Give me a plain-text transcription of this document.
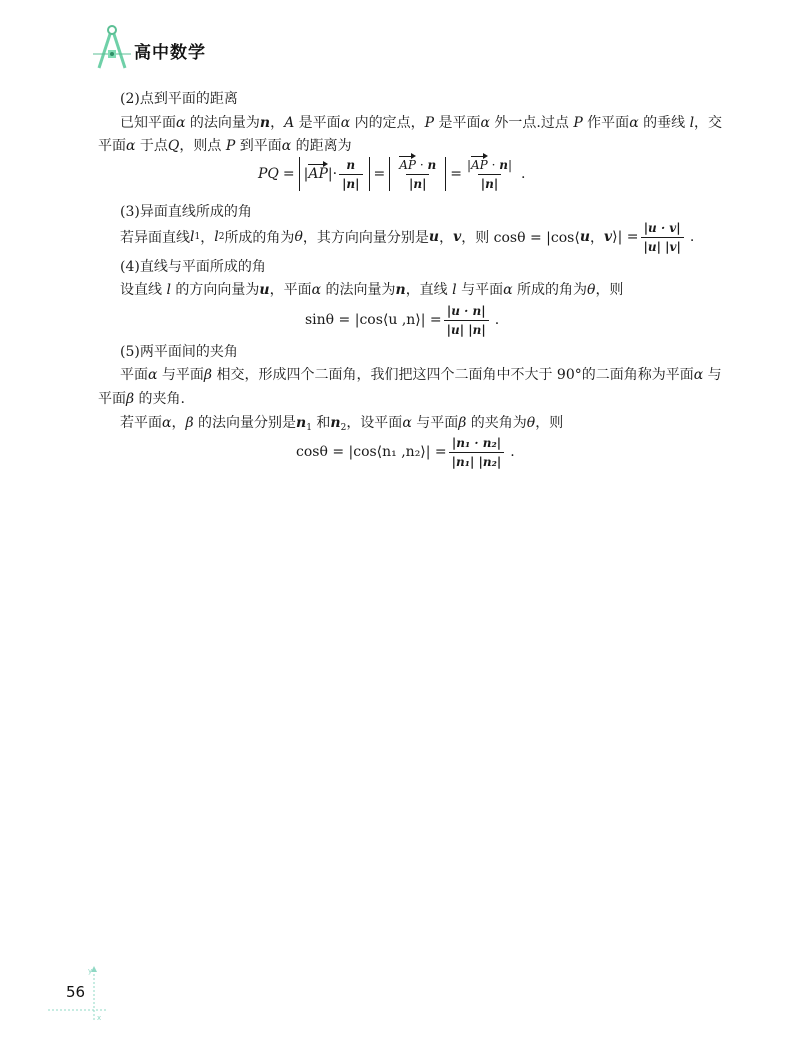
高中数学
(2)点到平面的距离
已知平面α 的法向量为n，A 是平面α 内的定点，P 是平面α 外一点.过点 P 作平面α 的垂线 l，交
平面α 于点Q，则点 P 到平面α 的距离为
PQ = | AP | · $\frac{n}{|n|} = \frac{AP \cdot n}{|n|} = \frac{|AP \cdot n|}{|n|}$ .
(3)异面直线所成的角
若异面直线 l 1 ， l 2 所成的角为 θ ，其方向向量分别是 u ， v ，则 cosθ = |cos⟨ u ， v ⟩| = $\frac{|u \cdot v|}{|u| |v|}$ .
(4)直线与平面所成的角
设直线 l 的方向向量为u，平面α 的法向量为n，直线 l 与平面α 所成的角为θ，则
sinθ = |cos⟨u ,n⟩| = $\frac{|u \cdot n|}{|u| |n|}$ .
(5)两平面间的夹角
平面α 与平面β 相交，形成四个二面角，我们把这四个二面角中不大于 90°的二面角称为平面α 与
平面β 的夹角.
若平面α，β 的法向量分别是$n_1$ 和$n_2$，设平面α 与平面β 的夹角为θ，则
cosθ = |cos⟨n₁ ,n₂⟩| = $\frac{\text{|n₁ · n₂|}}{\text{|n₁| |n₂|}}$ .
y
x
56
